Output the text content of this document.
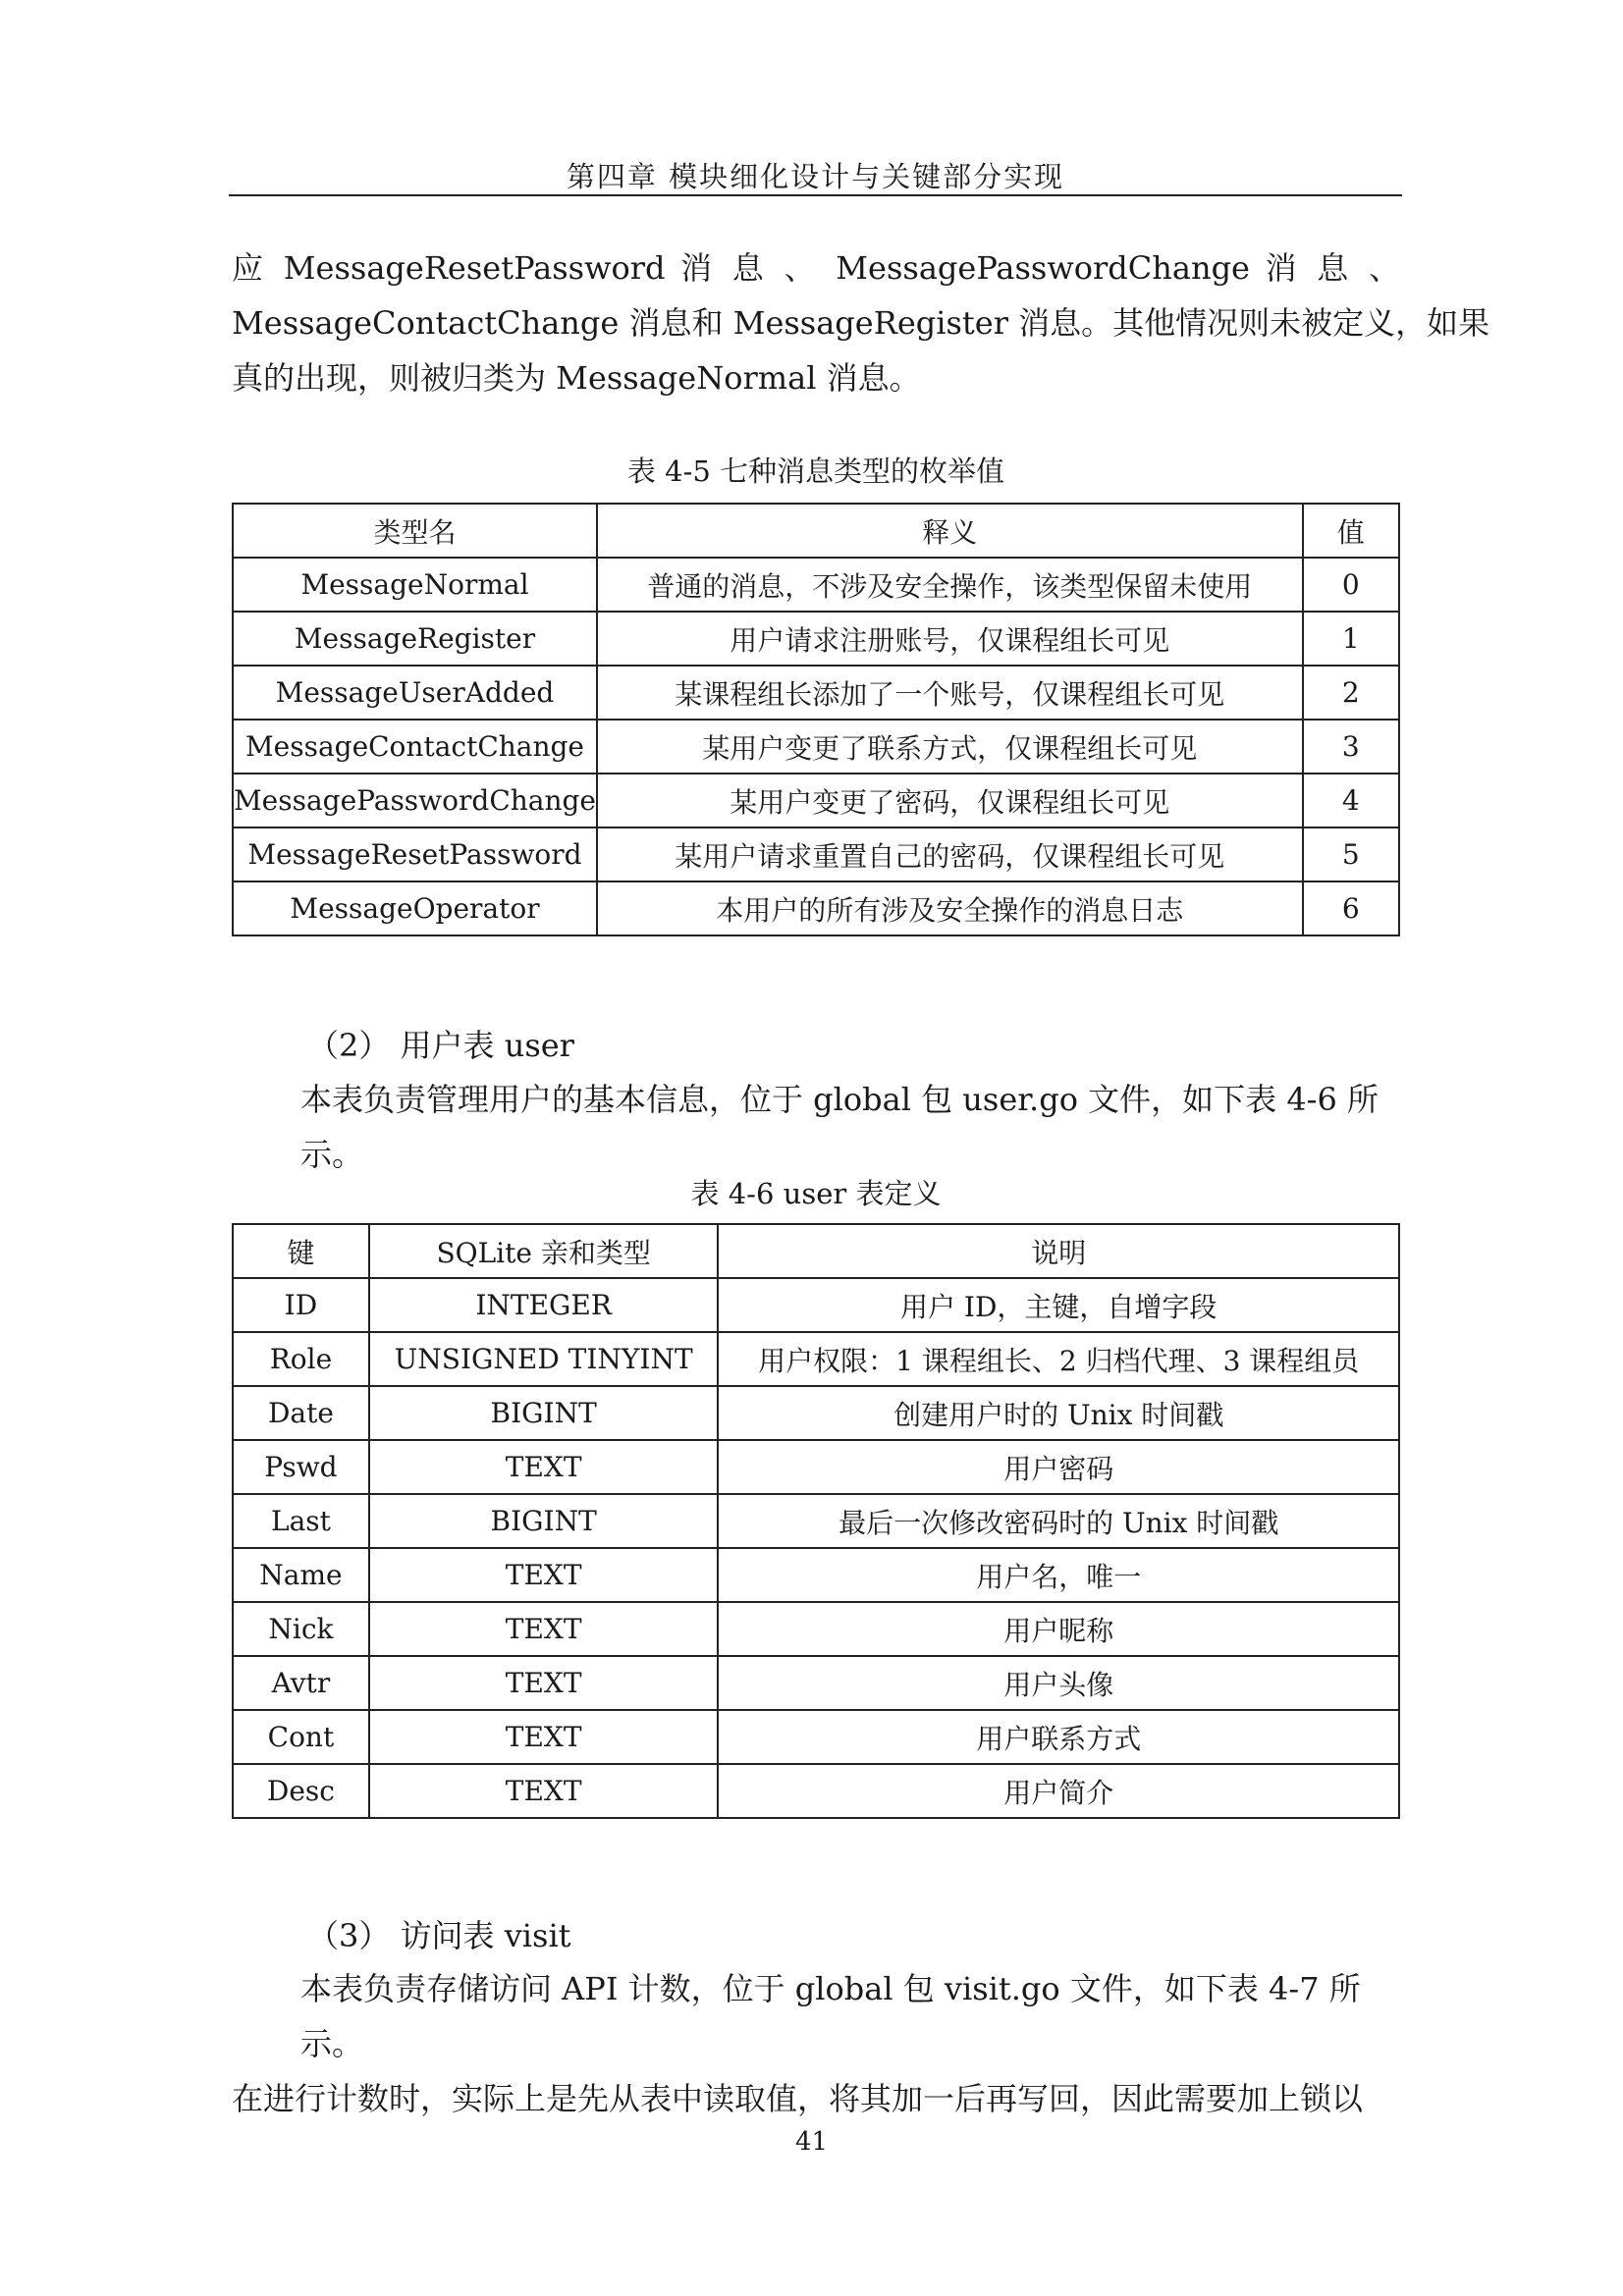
第四章 模块细化设计与关键部分实现
应 MessageResetPassword 消 息 、 MessagePasswordChange 消 息 、
MessageContactChange 消息和 MessageRegister 消息。其他情况则未被定义，如果
真的出现，则被归类为 MessageNormal 消息。
表 4-5 七种消息类型的枚举值
类型名	释义	值
MessageNormal	普通的消息，不涉及安全操作，该类型保留未使用	0
MessageRegister	用户请求注册账号，仅课程组长可见	1
MessageUserAdded	某课程组长添加了一个账号，仅课程组长可见	2
MessageContactChange	某用户变更了联系方式，仅课程组长可见	3
MessagePasswordChange	某用户变更了密码，仅课程组长可见	4
MessageResetPassword	某用户请求重置自己的密码，仅课程组长可见	5
MessageOperator	本用户的所有涉及安全操作的消息日志	6
（2） 用户表 user
本表负责管理用户的基本信息，位于 global 包 user.go 文件，如下表 4-6 所示。
表 4-6 user 表定义
键	SQLite 亲和类型	说明
ID	INTEGER	用户 ID，主键，自增字段
Role	UNSIGNED TINYINT	用户权限：1 课程组长、2 归档代理、3 课程组员
Date	BIGINT	创建用户时的 Unix 时间戳
Pswd	TEXT	用户密码
Last	BIGINT	最后一次修改密码时的 Unix 时间戳
Name	TEXT	用户名，唯一
Nick	TEXT	用户昵称
Avtr	TEXT	用户头像
Cont	TEXT	用户联系方式
Desc	TEXT	用户简介
（3） 访问表 visit
本表负责存储访问 API 计数，位于 global 包 visit.go 文件，如下表 4-7 所示。
在进行计数时，实际上是先从表中读取值，将其加一后再写回，因此需要加上锁以
41
